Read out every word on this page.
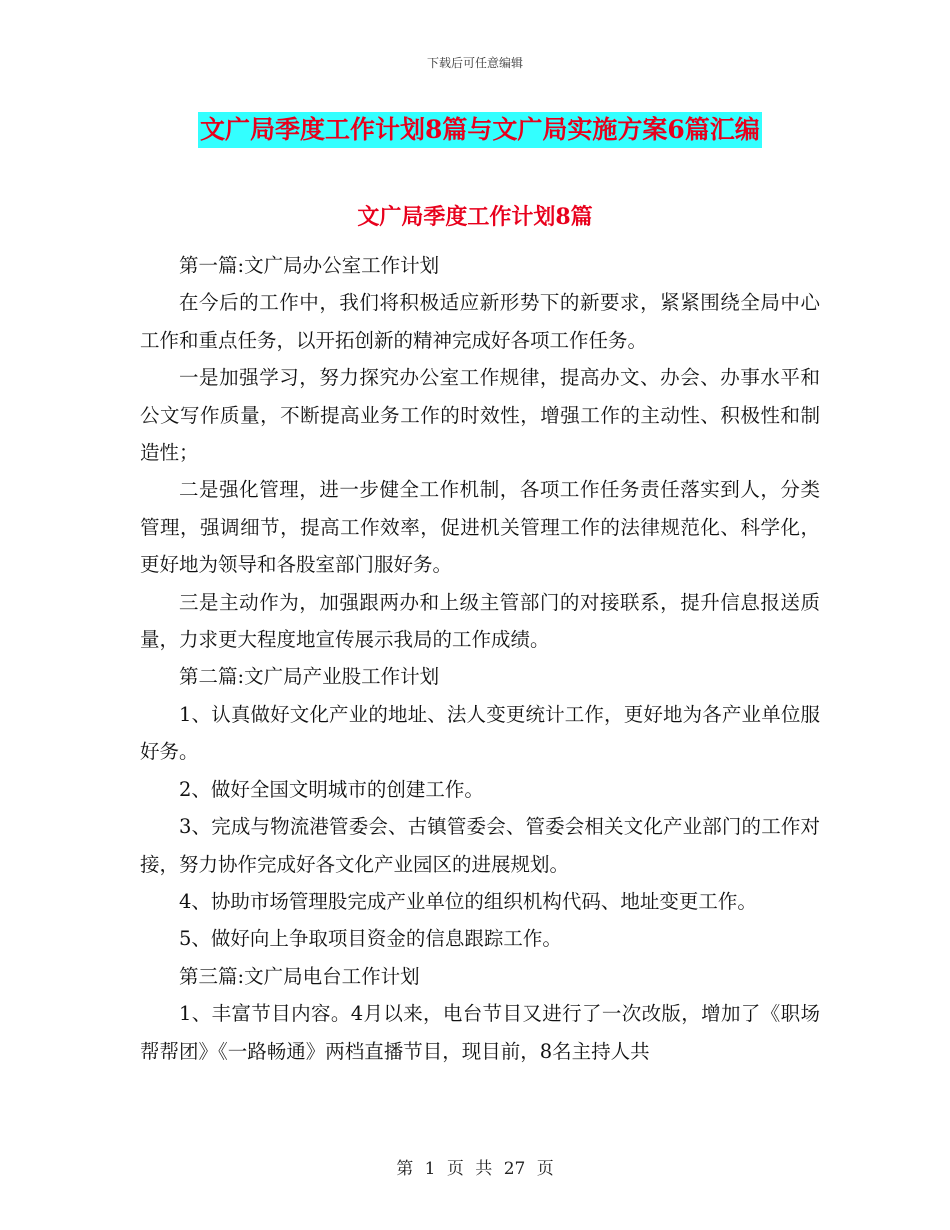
下载后可任意编辑
文广局季度工作计划8篇与文广局实施方案6篇汇编
文广局季度工作计划8篇

第一篇:文广局办公室工作计划

在今后的工作中，我们将积极适应新形势下的新要求，紧紧围绕全局中心工作和重点任务，以开拓创新的精神完成好各项工作任务。

一是加强学习，努力探究办公室工作规律，提高办文、办会、办事水平和公文写作质量，不断提高业务工作的时效性，增强工作的主动性、积极性和制造性；

二是强化管理，进一步健全工作机制，各项工作任务责任落实到人，分类管理，强调细节，提高工作效率，促进机关管理工作的法律规范化、科学化，更好地为领导和各股室部门服好务。

三是主动作为，加强跟两办和上级主管部门的对接联系，提升信息报送质量，力求更大程度地宣传展示我局的工作成绩。

第二篇:文广局产业股工作计划

1、认真做好文化产业的地址、法人变更统计工作，更好地为各产业单位服好务。

2、做好全国文明城市的创建工作。

3、完成与物流港管委会、古镇管委会、管委会相关文化产业部门的工作对接，努力协作完成好各文化产业园区的进展规划。

4、协助市场管理股完成产业单位的组织机构代码、地址变更工作。

5、做好向上争取项目资金的信息跟踪工作。

第三篇:文广局电台工作计划

1、丰富节目内容。4月以来，电台节目又进行了一次改版，增加了《职场帮帮团》《一路畅通》两档直播节目，现目前，8名主持人共

第 1 页 共 27 页
